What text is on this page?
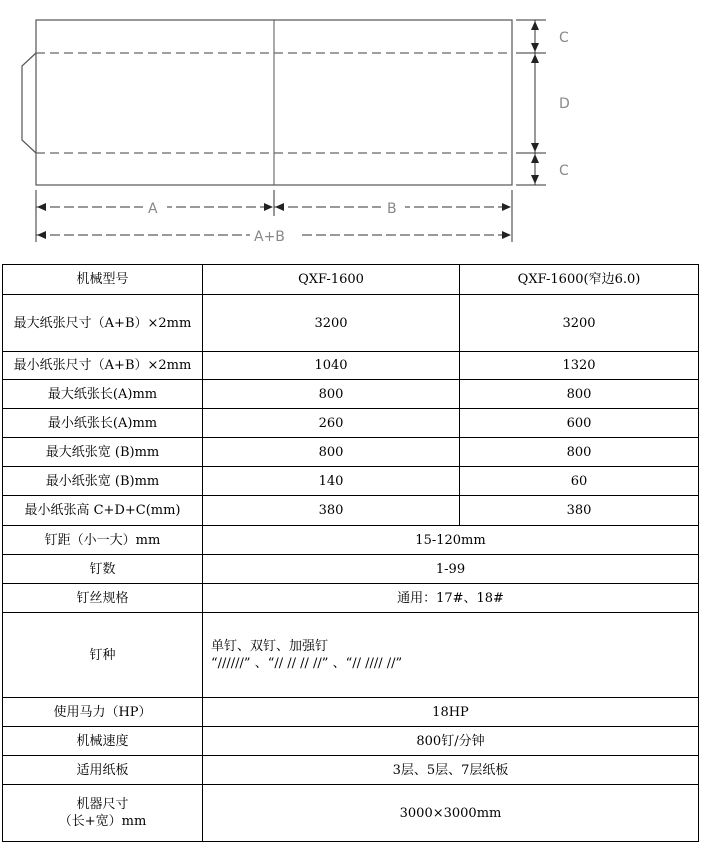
C
D
C
A	B
A+B
机械型号	QXF-1600	QXF-1600(窄边6.0)
最大纸张尺寸（A+B）×2mm	3200	3200
最小纸张尺寸（A+B）×2mm	1040	1320
最大纸张长(A)mm	800	800
最小纸张长(A)mm	260	600
最大纸张宽 (B)mm	800	800
最小纸张宽 (B)mm	140	60
最小纸张高 C+D+C(mm)	380	380
钉距（小一大）mm	15-120mm	
钉数	1-99	
钉丝规格	通用：17#、18#	
钉种	单钉、双钉、加强钉
“//////” 、“// // // //” 、“// //// //”	

使用马力（HP）	18HP	
机械速度	800钉/分钟	
适用纸板	3层、5层、7层纸板	

机器尺寸
（长+宽）mm	3000×3000mm	
